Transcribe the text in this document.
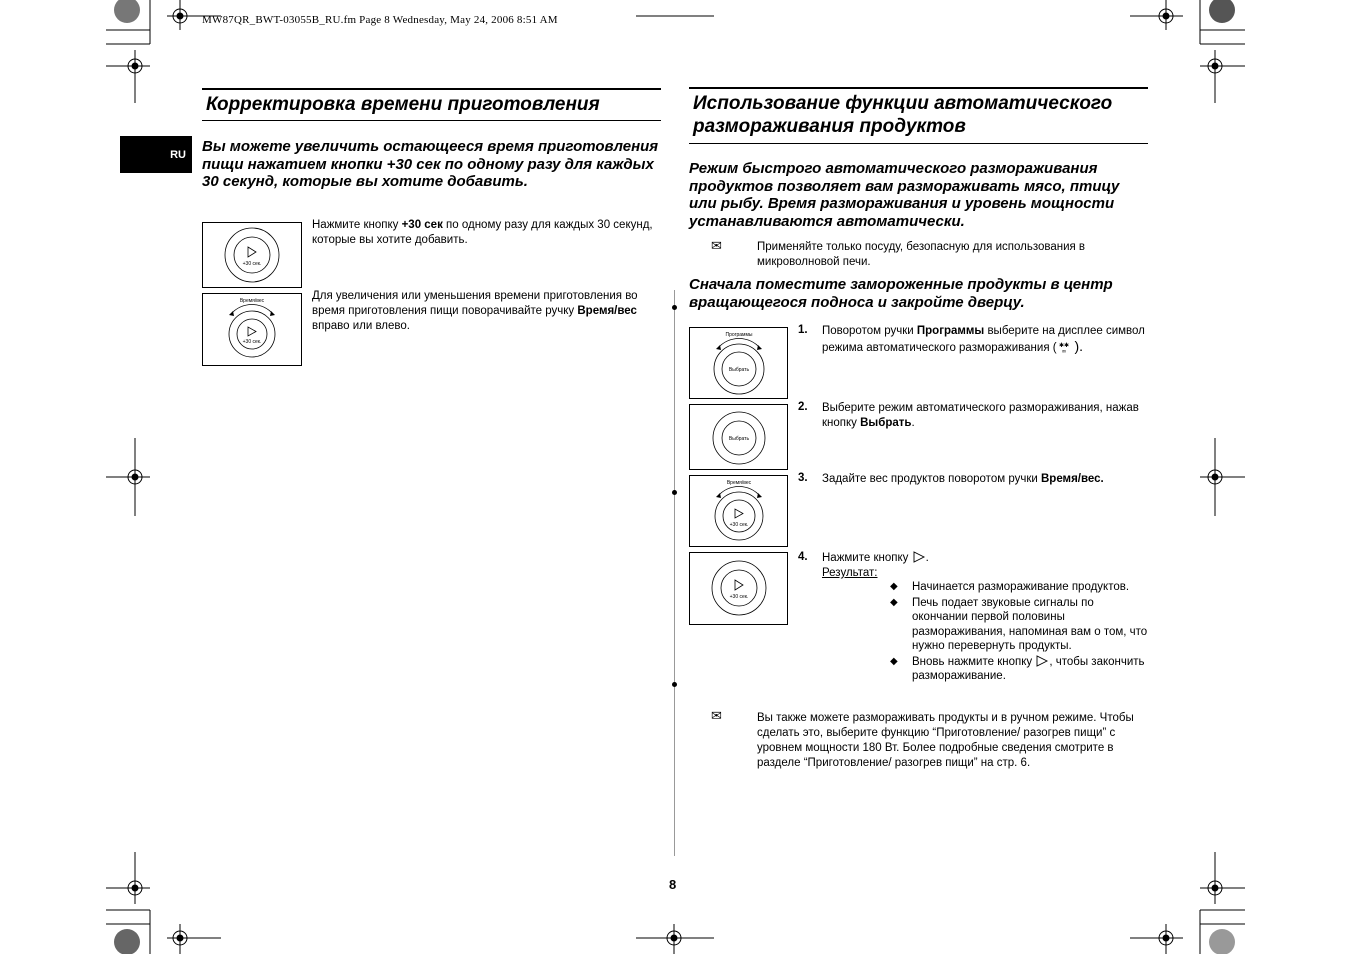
MW87QR_BWT-03055B_RU.fm Page 8 Wednesday, May 24, 2006 8:51 AM
RU
Корректировка времени приготовления
Вы можете увеличить остающееся время приготовления пищи нажатием кнопки +30 сек по одному разу для каждых 30 секунд, которые вы хотите добавить.
+30 сек.
Нажмите кнопку +30 сек по одному разу для каждых 30 секунд, которые вы хотите добавить.
Время/вес
+30 сек.
Для увеличения или уменьшения времени приготовления во время приготовления пищи поворачивайте ручку Время/вес вправо или влево.
Использование функции автоматического размораживания продуктов
Режим быстрого автоматического размораживания продуктов позволяет вам размораживать мясо, птицу или рыбу. Время размораживания и уровень мощности устанавливаются автоматически.
✉	Применяйте только посуду, безопасную для использования в микроволновой печи.
Сначала поместите замороженные продукты в центр вращающегося подноса и закройте дверцу.
Программы
Выбрать
1. Поворотом ручки Программы выберите на дисплее символ режима автоматического размораживания ( ✱✱
∞ ).
Выбрать
2. Выберите режим автоматического размораживания, нажав кнопку Выбрать.
Время/вес
+30 сек.
3. Задайте вес продуктов поворотом ручки Время/вес.
+30 сек.
4. Нажмите кнопку .
Результат:
◆	Начинается размораживание продуктов.
◆	Печь подает звуковые сигналы по окончании первой половины размораживания, напоминая вам о том, что нужно перевернуть продукты.
◆	Вновь нажмите кнопку , чтобы закончить размораживание.
✉	Вы также можете размораживать продукты и в ручном режиме. Чтобы сделать это, выберите функцию “Приготовление/ разогрев пищи” с уровнем мощности 180 Вт. Более подробные сведения смотрите в разделе “Приготовление/ разогрев пищи” на стр. 6.
8
